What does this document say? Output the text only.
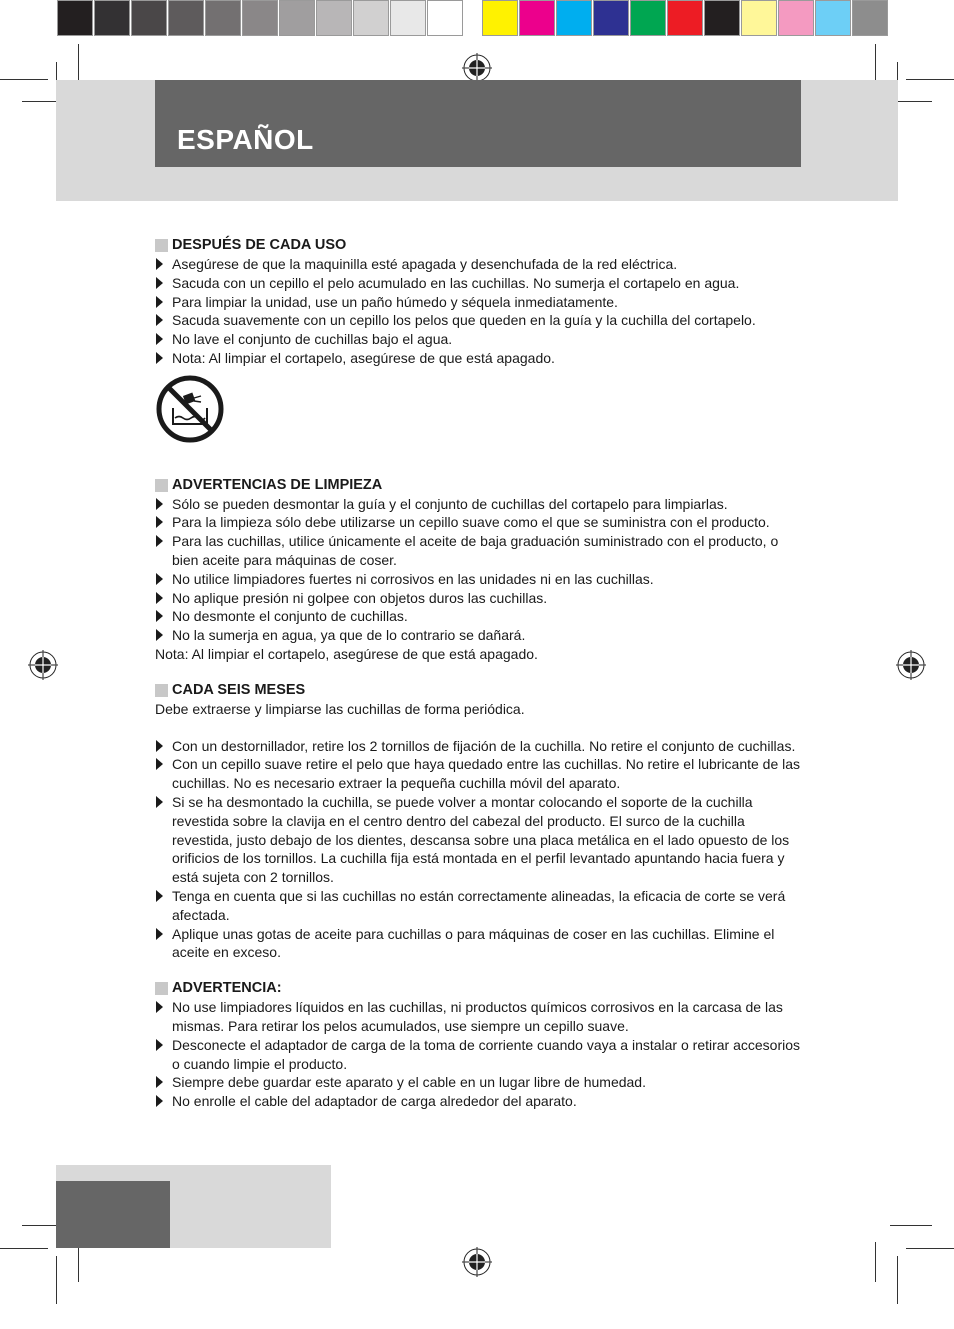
ESPAÑOL
DESPUÉS DE CADA USO
Asegúrese de que la maquinilla esté apagada y desenchufada de la red eléctrica.
Sacuda con un cepillo el pelo acumulado en las cuchillas. No sumerja el cortapelo en agua.
Para limpiar la unidad, use un paño húmedo y séquela inmediatamente.
Sacuda suavemente con un cepillo los pelos que queden en la guía y la cuchilla del cortapelo.
No lave el conjunto de cuchillas bajo el agua.
Nota: Al limpiar el cortapelo, asegúrese de que está apagado.
ADVERTENCIAS DE LIMPIEZA
Sólo se pueden desmontar la guía y el conjunto de cuchillas del cortapelo para limpiarlas.
Para la limpieza sólo debe utilizarse un cepillo suave como el que se suministra con el producto.
Para las cuchillas, utilice únicamente el aceite de baja graduación suministrado con el producto, o bien aceite para máquinas de coser.
No utilice limpiadores fuertes ni corrosivos en las unidades ni en las cuchillas.
No aplique presión ni golpee con objetos duros las cuchillas.
No desmonte el conjunto de cuchillas.
No la sumerja en agua, ya que de lo contrario se dañará.

Nota: Al limpiar el cortapelo, asegúrese de que está apagado.

CADA SEIS MESES

Debe extraerse y limpiarse las cuchillas de forma periódica.

Con un destornillador, retire los 2 tornillos de fijación de la cuchilla. No retire el conjunto de cuchillas.
Con un cepillo suave retire el pelo que haya quedado entre las cuchillas. No retire el lubricante de las cuchillas. No es necesario extraer la pequeña cuchilla móvil del aparato.
Si se ha desmontado la cuchilla, se puede volver a montar colocando el soporte de la cuchilla revestida sobre la clavija en el centro dentro del cabezal del producto. El surco de la cuchilla revestida, justo debajo de los dientes, descansa sobre una placa metálica en el lado opuesto de los orificios de los tornillos. La cuchilla fija está montada en el perfil levantado apuntando hacia fuera y está sujeta con 2 tornillos.
Tenga en cuenta que si las cuchillas no están correctamente alineadas, la eficacia de corte se verá afectada.
Aplique unas gotas de aceite para cuchillas o para máquinas de coser en las cuchillas. Elimine el aceite en exceso.
ADVERTENCIA:
No use limpiadores líquidos en las cuchillas, ni productos químicos corrosivos en la carcasa de las mismas. Para retirar los pelos acumulados, use siempre un cepillo suave.
Desconecte el adaptador de carga de la toma de corriente cuando vaya a instalar o retirar accesorios o cuando limpie el producto.
Siempre debe guardar este aparato y el cable en un lugar libre de humedad.
No enrolle el cable del adaptador de carga alrededor del aparato.
